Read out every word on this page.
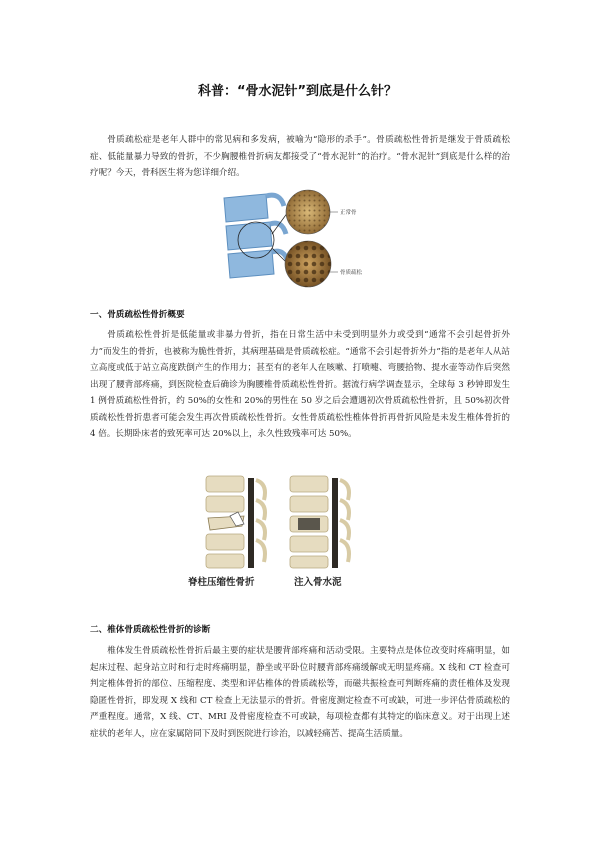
科普：“骨水泥针”到底是什么针？

骨质疏松症是老年人群中的常见病和多发病，被喻为“隐形的杀手”。骨质疏松性骨折是继发于骨质疏松症、低能量暴力导致的骨折，不少胸腰椎骨折病友都接受了“骨水泥针”的治疗。“骨水泥针”到底是什么样的治疗呢？今天，骨科医生将为您详细介绍。

正常骨
骨质疏松
一、骨质疏松性骨折概要

骨质疏松性骨折是低能量或非暴力骨折，指在日常生活中未受到明显外力或受到“通常不会引起骨折外力”而发生的骨折，也被称为脆性骨折，其病理基础是骨质疏松症。“通常不会引起骨折外力”指的是老年人从站立高度或低于站立高度跌倒产生的作用力；甚至有的老年人在咳嗽、打喷嚏、弯腰拾物、提水壶等动作后突然出现了腰背部疼痛，到医院检查后确诊为胸腰椎骨质疏松性骨折。据流行病学调查显示，全球每 3 秒钟即发生 1 例骨质疏松性骨折，约 50%的女性和 20%的男性在 50 岁之后会遭遇初次骨质疏松性骨折，且 50%初次骨质疏松性骨折患者可能会发生再次骨质疏松性骨折。女性骨质疏松性椎体骨折再骨折风险是未发生椎体骨折的 4 倍。长期卧床者的致死率可达 20%以上，永久性致残率可达 50%。

脊柱压缩性骨折	注入骨水泥
二、椎体骨质疏松性骨折的诊断

椎体发生骨质疏松性骨折后最主要的症状是腰背部疼痛和活动受限。主要特点是体位改变时疼痛明显，如起床过程、起身站立时和行走时疼痛明显，静坐或平卧位时腰背部疼痛缓解或无明显疼痛。X 线和 CT 检查可判定椎体骨折的部位、压缩程度、类型和评估椎体的骨质疏松等，而磁共振检查可判断疼痛的责任椎体及发现隐匿性骨折，即发现 X 线和 CT 检查上无法显示的骨折。骨密度测定检查不可或缺，可进一步评估骨质疏松的严重程度。通常，X 线、CT、MRI 及骨密度检查不可或缺，每项检查都有其特定的临床意义。对于出现上述症状的老年人，应在家属陪同下及时到医院进行诊治，以减轻痛苦、提高生活质量。
